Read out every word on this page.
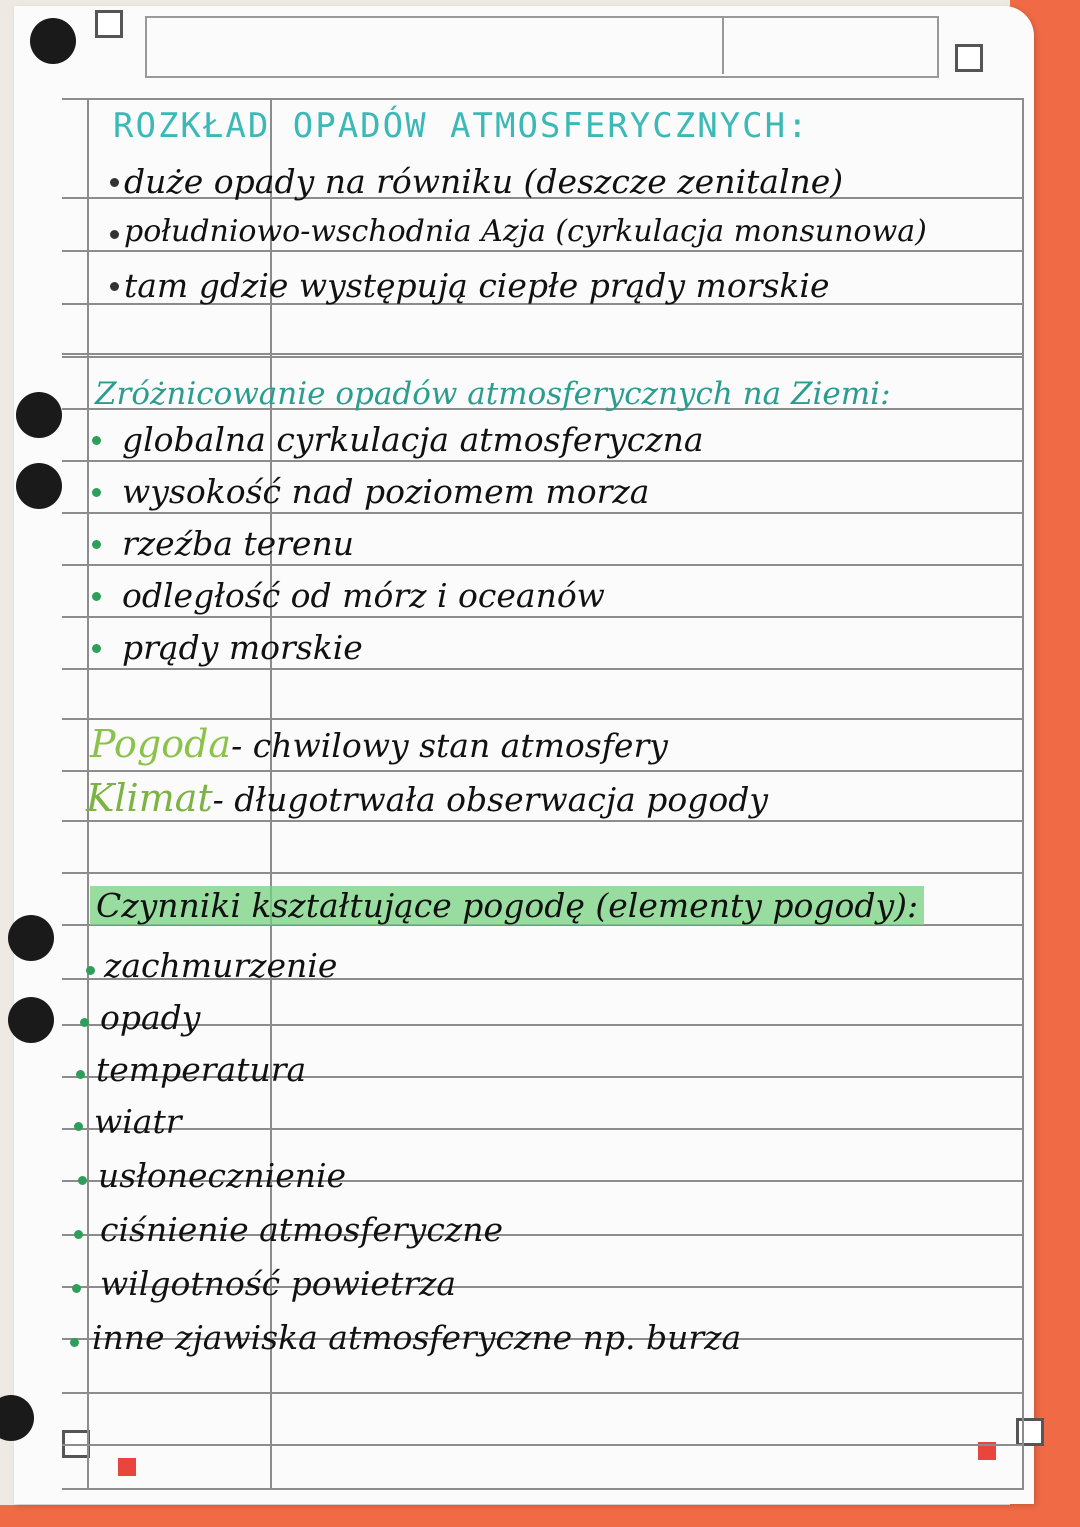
ROZKŁAD OPADÓW ATMOSFERYCZNYCH:
duże opady na równiku (deszcze zenitalne)
południowo-wschodnia Azja (cyrkulacja monsunowa)
tam gdzie występują ciepłe prądy morskie
Zróżnicowanie opadów atmosferycznych na Ziemi:
globalna cyrkulacja atmosferyczna
wysokość nad poziomem morza
rzeźba terenu
odległość od mórz i oceanów
prądy morskie
Pogoda- chwilowy stan atmosfery
Klimat- długotrwała obserwacja pogody
Czynniki kształtujące pogodę (elementy pogody):
zachmurzenie
opady
temperatura
wiatr
usłonecznienie
ciśnienie atmosferyczne
wilgotność powietrza
inne zjawiska atmosferyczne np. burza
